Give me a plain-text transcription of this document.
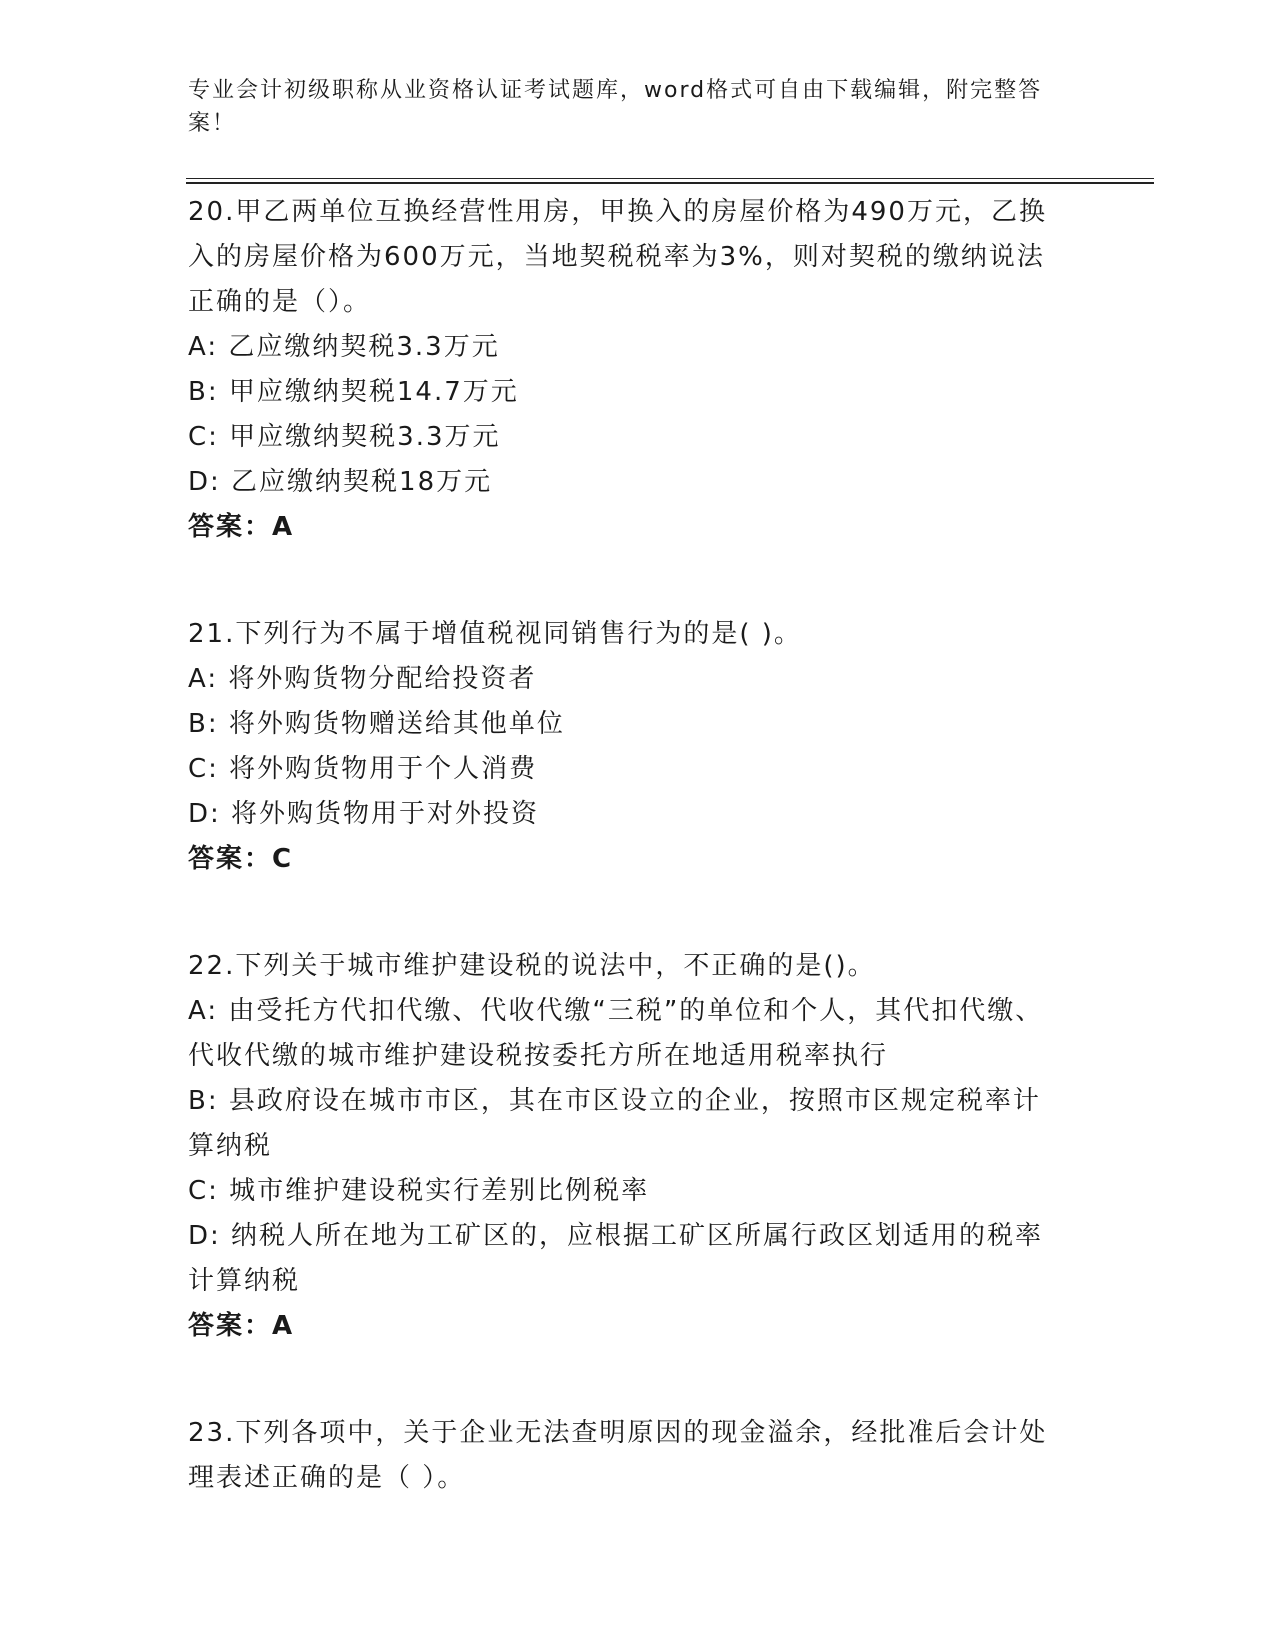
专业会计初级职称从业资格认证考试题库，word格式可自由下载编辑，附完整答案！
20.甲乙两单位互换经营性用房，甲换入的房屋价格为490万元，乙换入的房屋价格为600万元，当地契税税率为3%，则对契税的缴纳说法正确的是（）。
A: 乙应缴纳契税3.3万元
B: 甲应缴纳契税14.7万元
C: 甲应缴纳契税3.3万元
D: 乙应缴纳契税18万元
答案：A
21.下列行为不属于增值税视同销售行为的是( )。
A: 将外购货物分配给投资者
B: 将外购货物赠送给其他单位
C: 将外购货物用于个人消费
D: 将外购货物用于对外投资
答案：C
22.下列关于城市维护建设税的说法中，不正确的是()。
A: 由受托方代扣代缴、代收代缴“三税”的单位和个人，其代扣代缴、代收代缴的城市维护建设税按委托方所在地适用税率执行
B: 县政府设在城市市区，其在市区设立的企业，按照市区规定税率计算纳税
C: 城市维护建设税实行差别比例税率
D: 纳税人所在地为工矿区的，应根据工矿区所属行政区划适用的税率计算纳税
答案：A
23.下列各项中，关于企业无法查明原因的现金溢余，经批准后会计处理表述正确的是（ ）。
